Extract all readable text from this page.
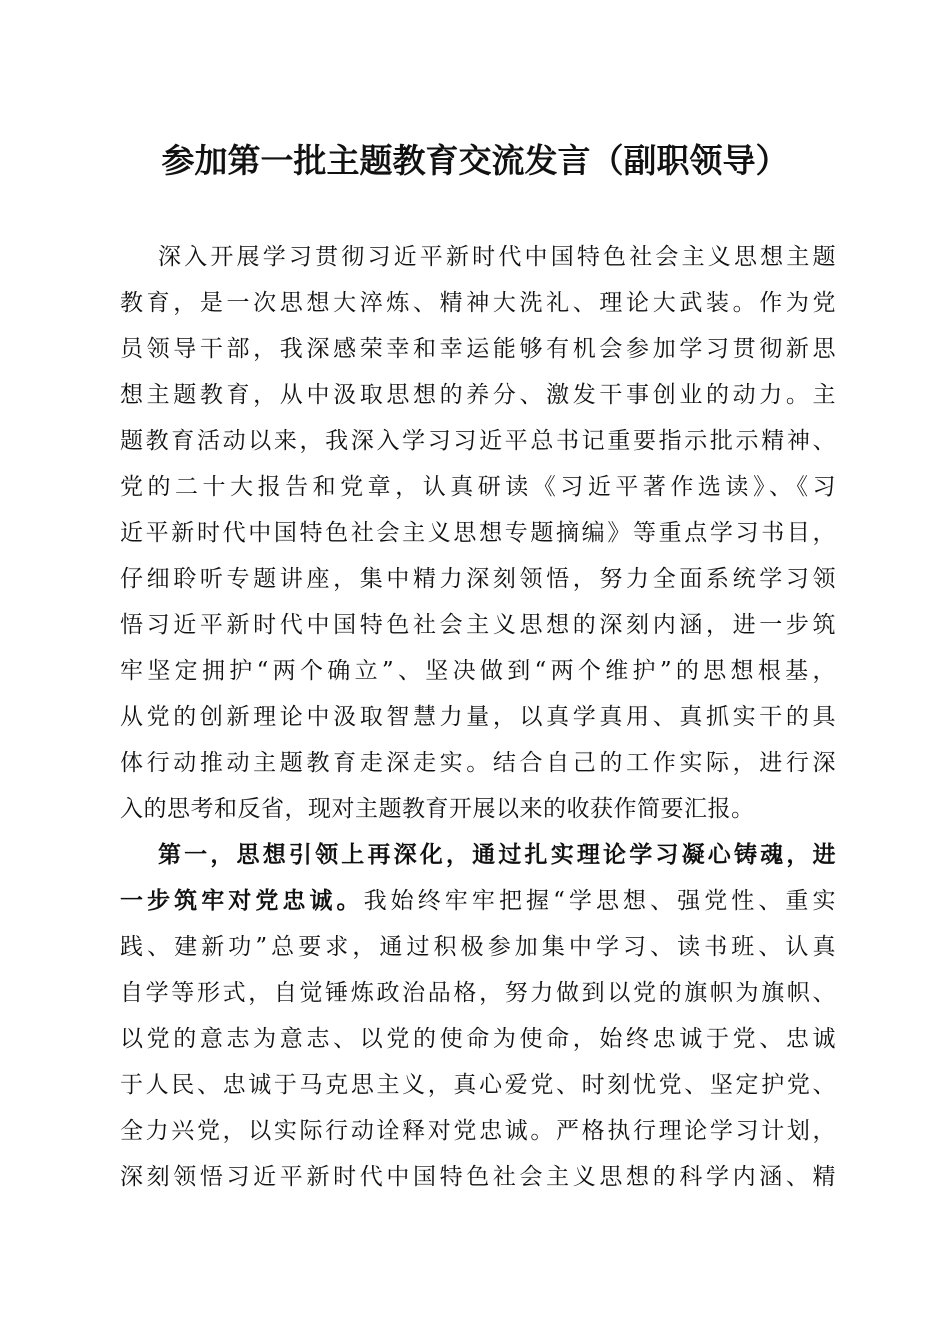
参加第一批主题教育交流发言（副职领导）
深入开展学习贯彻习近平新时代中国特色社会主义思想主题
教育，是一次思想大淬炼、精神大洗礼、理论大武装。作为党
员领导干部，我深感荣幸和幸运能够有机会参加学习贯彻新思
想主题教育，从中汲取思想的养分、激发干事创业的动力。主
题教育活动以来，我深入学习习近平总书记重要指示批示精神、
党的二十大报告和党章，认真研读《习近平著作选读》、《习
近平新时代中国特色社会主义思想专题摘编》等重点学习书目，
仔细聆听专题讲座，集中精力深刻领悟，努力全面系统学习领
悟习近平新时代中国特色社会主义思想的深刻内涵，进一步筑
牢坚定拥护“两个确立”、坚决做到“两个维护”的思想根基，
从党的创新理论中汲取智慧力量，以真学真用、真抓实干的具
体行动推动主题教育走深走实。结合自己的工作实际，进行深
入的思考和反省，现对主题教育开展以来的收获作简要汇报。
第一，思想引领上再深化，通过扎实理论学习凝心铸魂，进
一步筑牢对党忠诚。我始终牢牢把握“学思想、强党性、重实
践、建新功”总要求，通过积极参加集中学习、读书班、认真
自学等形式，自觉锤炼政治品格，努力做到以党的旗帜为旗帜、
以党的意志为意志、以党的使命为使命，始终忠诚于党、忠诚
于人民、忠诚于马克思主义，真心爱党、时刻忧党、坚定护党、
全力兴党，以实际行动诠释对党忠诚。严格执行理论学习计划，
深刻领悟习近平新时代中国特色社会主义思想的科学内涵、精
